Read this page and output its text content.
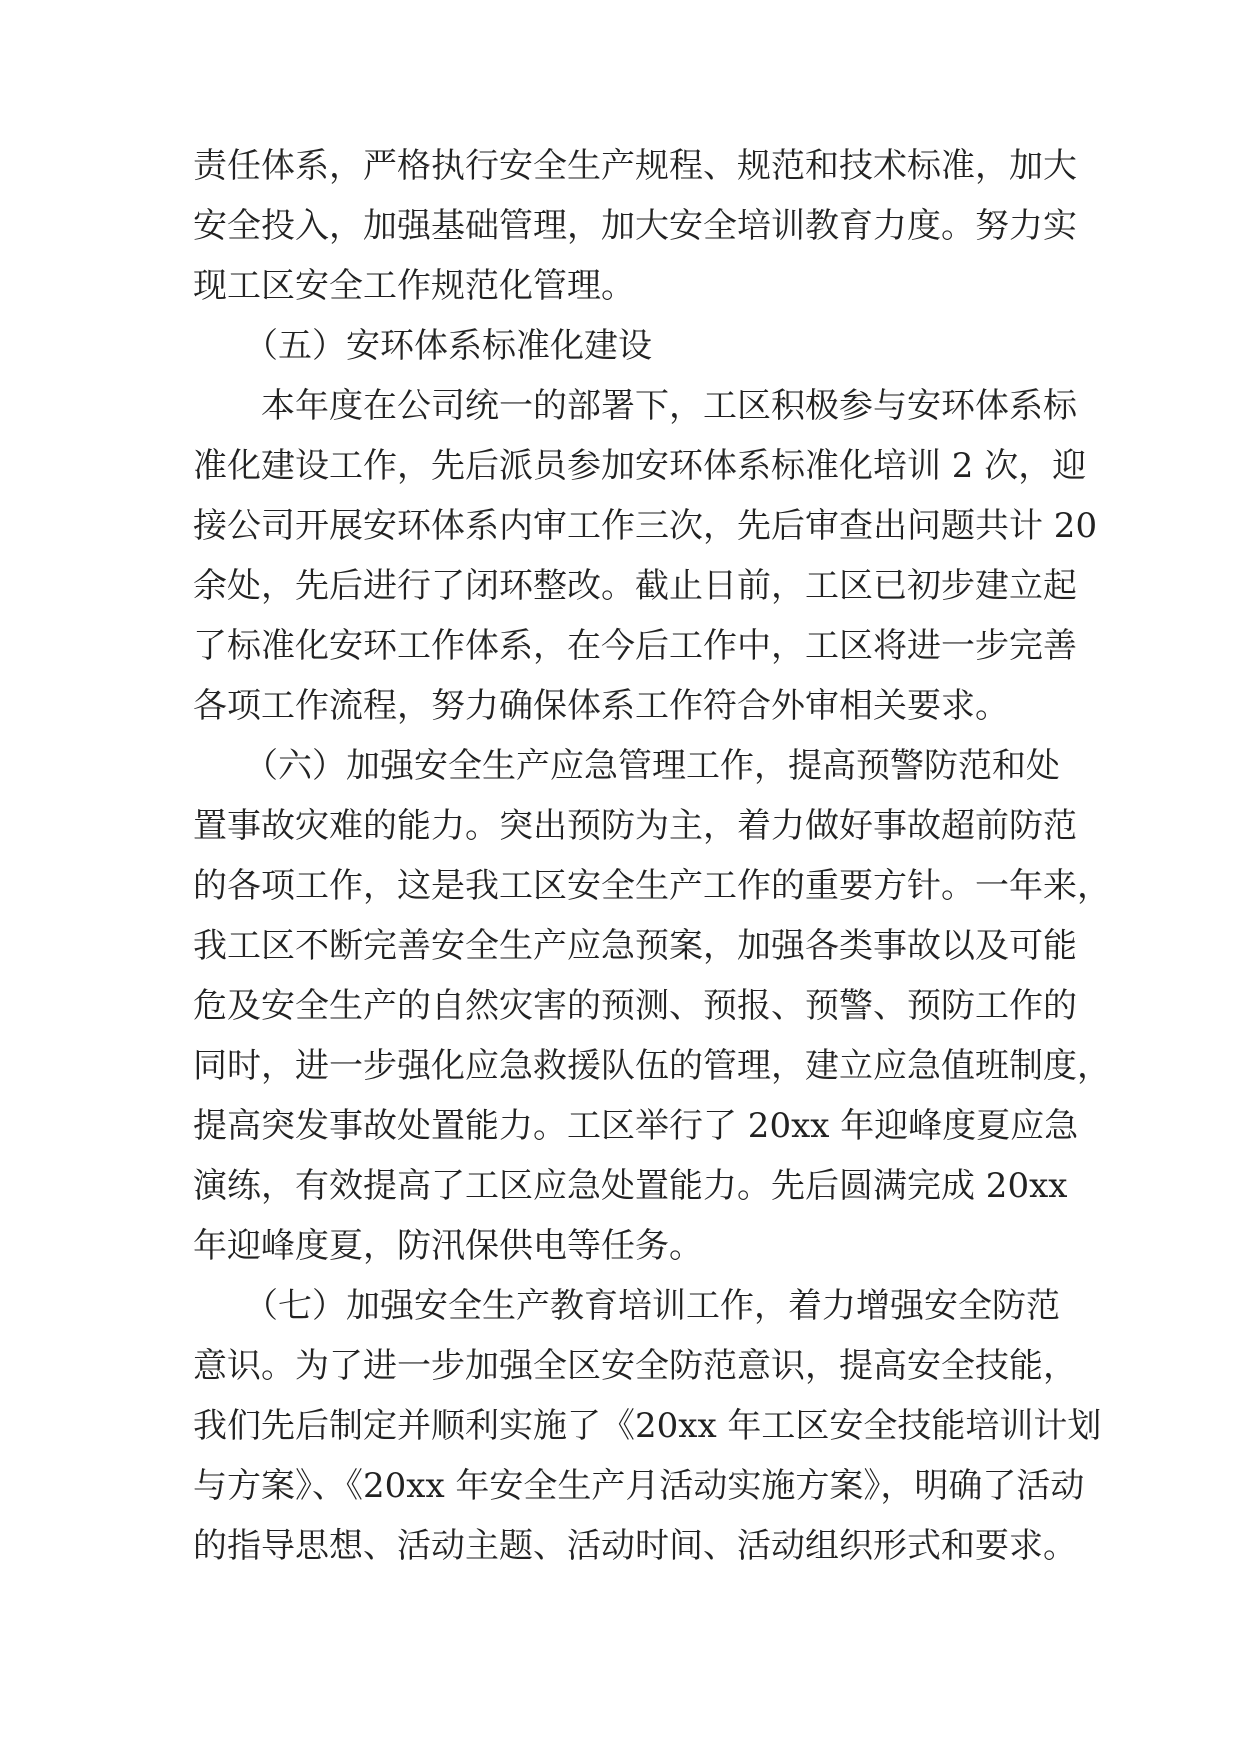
责任体系，严格执行安全生产规程、规范和技术标准，加大
安全投入，加强基础管理，加大安全培训教育力度。努力实
现工区安全工作规范化管理。
　　（五）安环体系标准化建设
　　本年度在公司统一的部署下，工区积极参与安环体系标
准化建设工作，先后派员参加安环体系标准化培训 2 次，迎
接公司开展安环体系内审工作三次，先后审查出问题共计 20
余处，先后进行了闭环整改。截止日前，工区已初步建立起
了标准化安环工作体系，在今后工作中，工区将进一步完善
各项工作流程，努力确保体系工作符合外审相关要求。
　　（六）加强安全生产应急管理工作，提高预警防范和处
置事故灾难的能力。突出预防为主，着力做好事故超前防范
的各项工作，这是我工区安全生产工作的重要方针。一年来，
我工区不断完善安全生产应急预案，加强各类事故以及可能
危及安全生产的自然灾害的预测、预报、预警、预防工作的
同时，进一步强化应急救援队伍的管理，建立应急值班制度，
提高突发事故处置能力。工区举行了 20xx 年迎峰度夏应急
演练，有效提高了工区应急处置能力。先后圆满完成 20xx
年迎峰度夏，防汛保供电等任务。
　　（七）加强安全生产教育培训工作，着力增强安全防范
意识。为了进一步加强全区安全防范意识，提高安全技能，
我们先后制定并顺利实施了《20xx 年工区安全技能培训计划
与方案》、《20xx 年安全生产月活动实施方案》，明确了活动
的指导思想、活动主题、活动时间、活动组织形式和要求。
